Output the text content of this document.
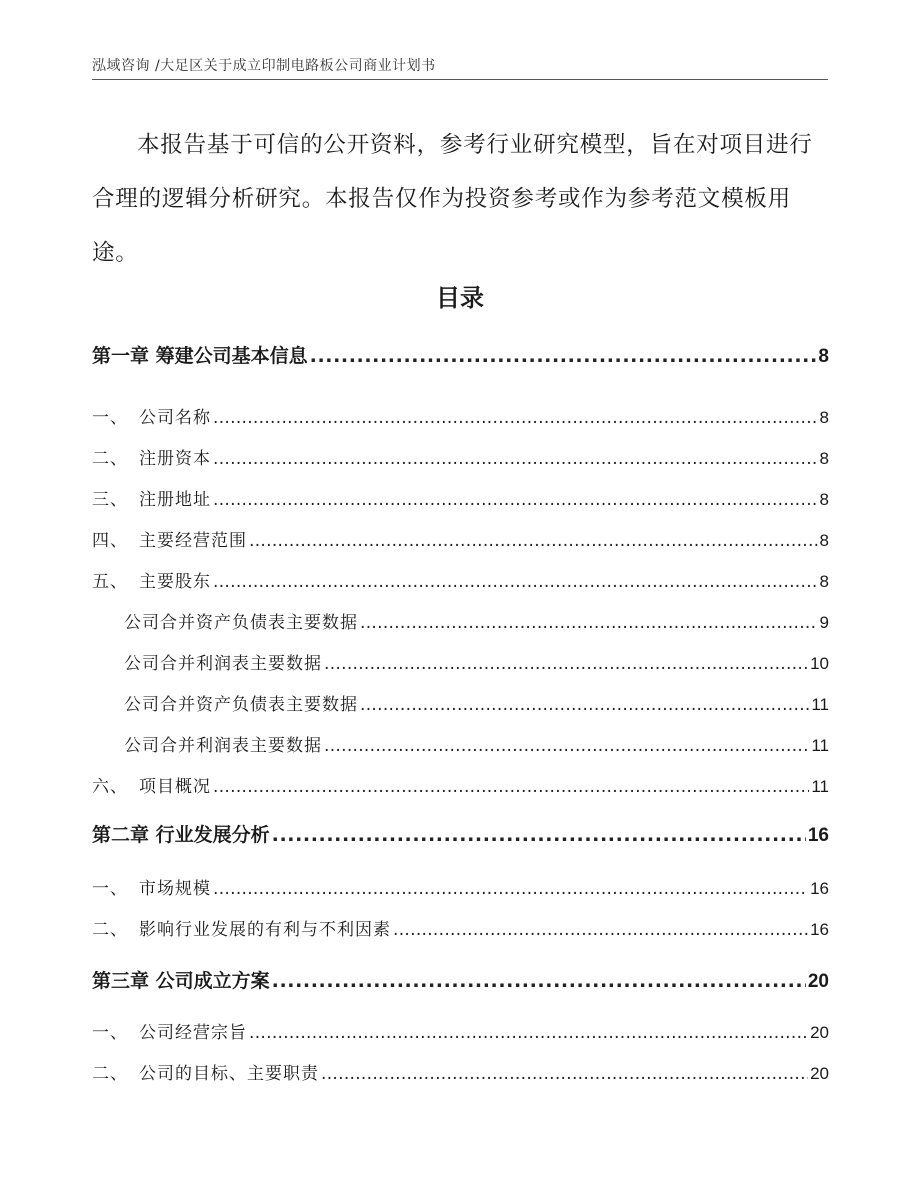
泓域咨询 /大足区关于成立印制电路板公司商业计划书

本报告基于可信的公开资料，参考行业研究模型，旨在对项目进行合理的逻辑分析研究。本报告仅作为投资参考或作为参考范文模板用途。

目录
第一章 筹建公司基本信息 .....	8
一、 公司名称 .....	8
二、 注册资本 .....	8
三、 注册地址 .....	8
四、 主要经营范围 .....	8
五、 主要股东 .....	8
公司合并资产负债表主要数据 .....	9
公司合并利润表主要数据 .....	10
公司合并资产负债表主要数据 .....	11
公司合并利润表主要数据 .....	11
六、 项目概况 .....	11
第二章 行业发展分析 .....	16
一、 市场规模 .....	16
二、 影响行业发展的有利与不利因素 .....	16
第三章 公司成立方案 .....	20
一、 公司经营宗旨 .....	20
二、 公司的目标、主要职责 .....	20
